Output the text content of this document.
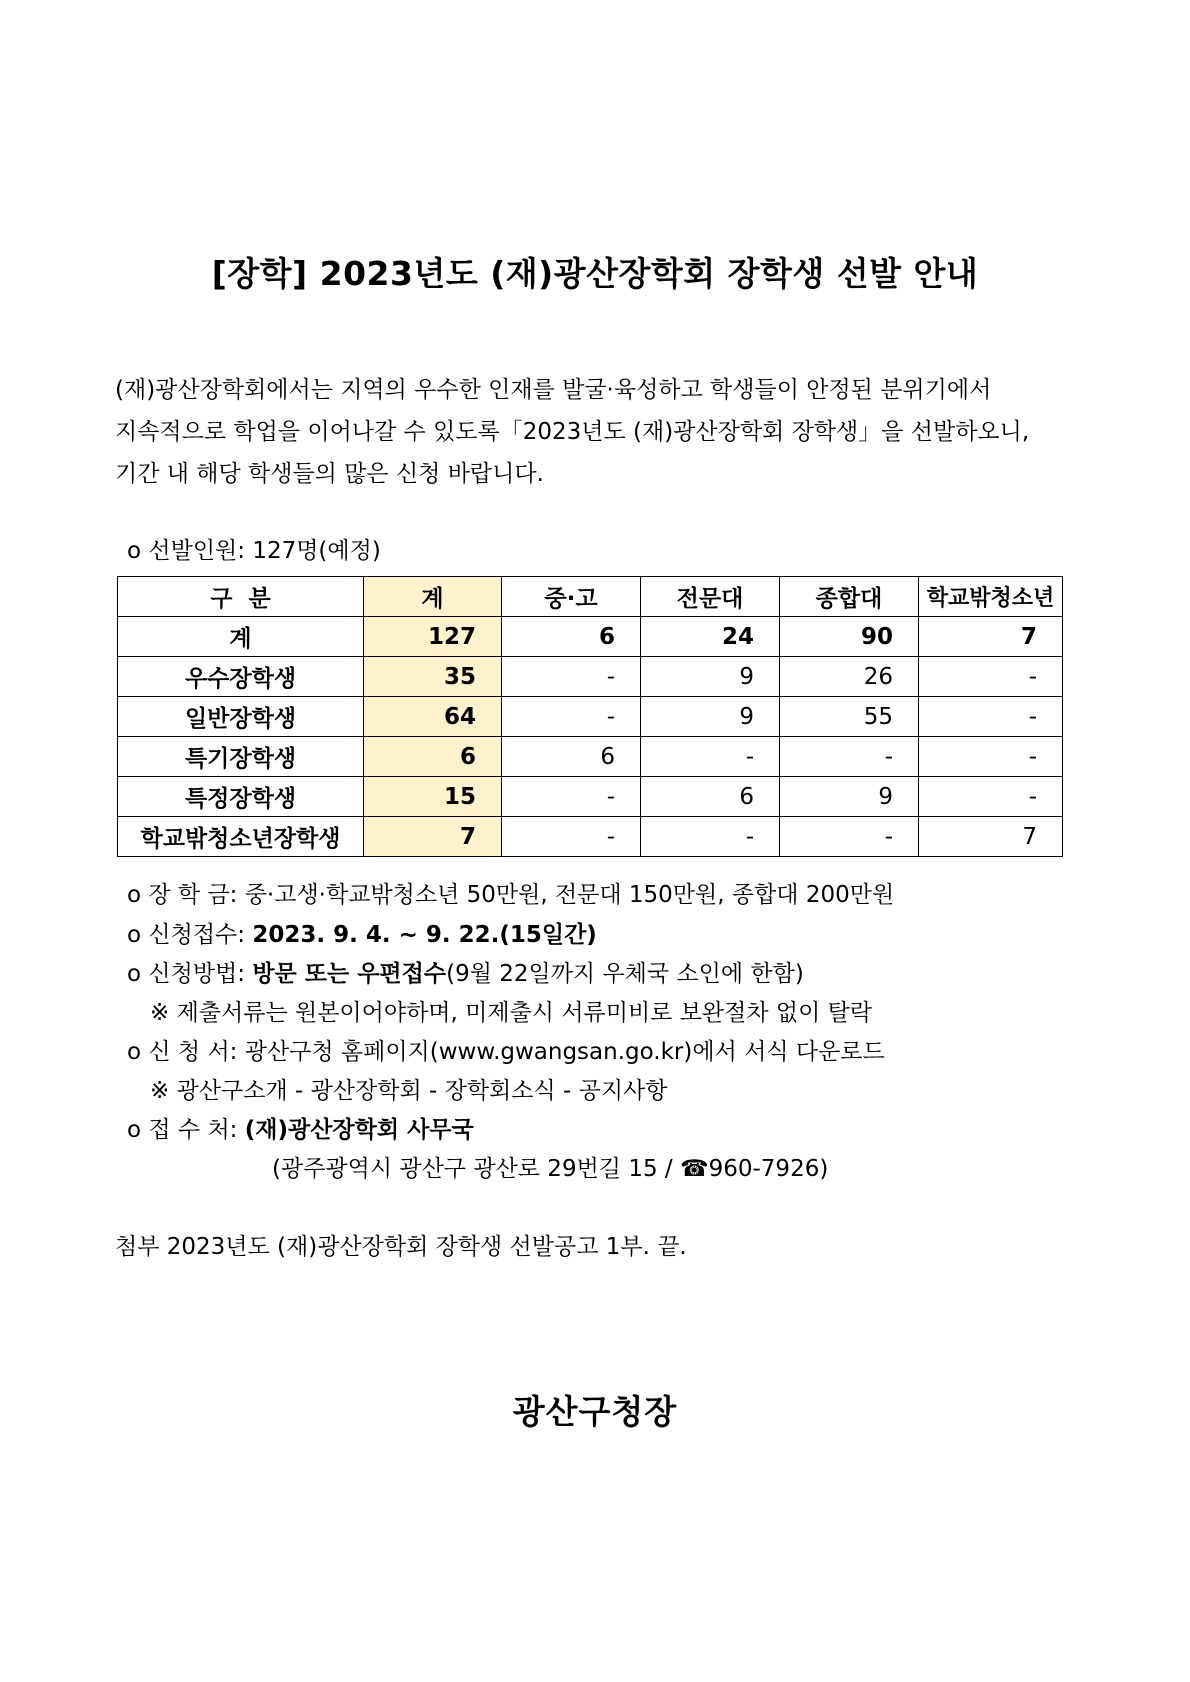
[장학] 2023년도 (재)광산장학회 장학생 선발 안내

(재)광산장학회에서는 지역의 우수한 인재를 발굴·육성하고 학생들이 안정된 분위기에서

지속적으로 학업을 이어나갈 수 있도록「2023년도 (재)광산장학회 장학생」을 선발하오니,

기간 내 해당 학생들의 많은 신청 바랍니다.

o 선발인원: 127명(예정)
구  분	계	중·고	전문대	종합대	학교밖청소년
계	127	6	24	90	7
우수장학생	35	-	9	26	-
일반장학생	64	-	9	55	-
특기장학생	6	6	-	-	-
특정장학생	15	-	6	9	-
학교밖청소년장학생	7	-	-	-	7
o 장 학 금: 중·고생·학교밖청소년 50만원, 전문대 150만원, 종합대 200만원
o 신청접수: 2023. 9. 4. ~ 9. 22.(15일간)
o 신청방법: 방문 또는 우편접수(9월 22일까지 우체국 소인에 한함)
※ 제출서류는 원본이어야하며, 미제출시 서류미비로 보완절차 없이 탈락
o 신 청 서: 광산구청 홈페이지(www.gwangsan.go.kr)에서 서식 다운로드
※ 광산구소개 - 광산장학회 - 장학회소식 - 공지사항
o 접 수 처: (재)광산장학회 사무국
(광주광역시 광산구 광산로 29번길 15 / ☎960-7926)
첨부 2023년도 (재)광산장학회 장학생 선발공고 1부. 끝.
광산구청장
